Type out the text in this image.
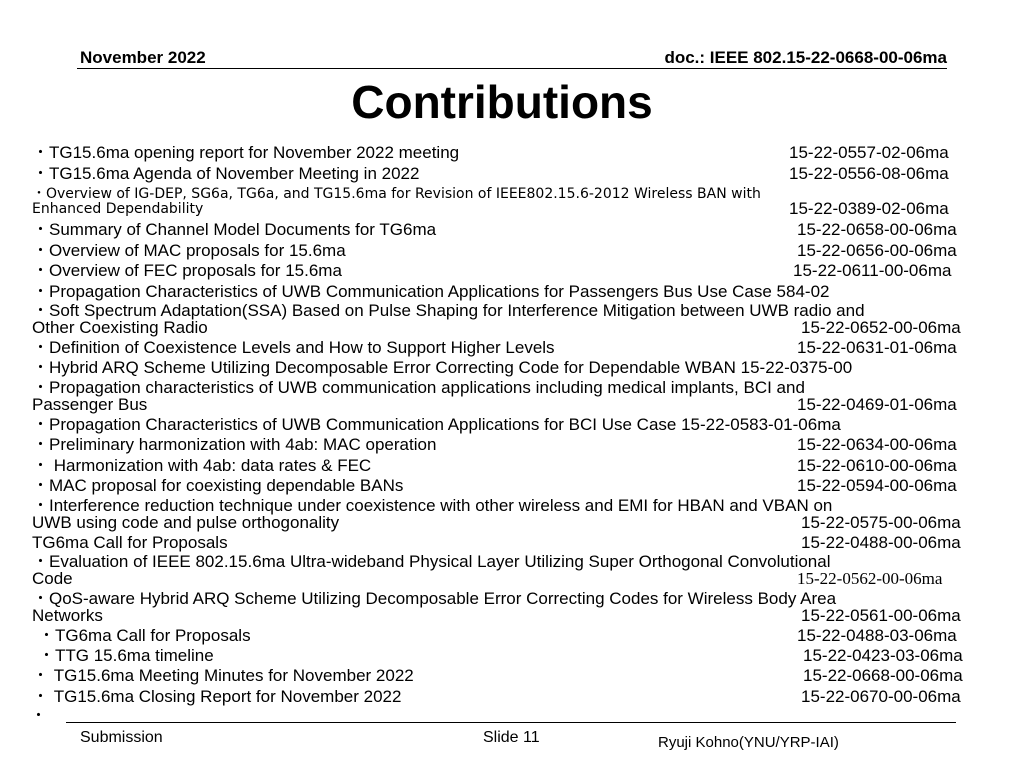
November 2022	doc.: IEEE 802.15-22-0668-00-06ma
Contributions
・TG15.6ma opening report for November 2022 meeting	15-22-0557-02-06ma
・TG15.6ma Agenda of November Meeting in 2022	15-22-0556-08-06ma
・Overview of IG-DEP, SG6a, TG6a, and TG15.6ma for Revision of IEEE802.15.6-2012 Wireless BAN with
Enhanced Dependability	15-22-0389-02-06ma
・Summary of Channel Model Documents for TG6ma	15-22-0658-00-06ma
・Overview of MAC proposals for 15.6ma	15-22-0656-00-06ma
・Overview of FEC proposals for 15.6ma	15-22-0611-00-06ma
・Propagation Characteristics of UWB Communication Applications for Passengers Bus Use Case 584-02
・Soft Spectrum Adaptation(SSA) Based on Pulse Shaping for Interference Mitigation between UWB radio and
Other Coexisting Radio	15-22-0652-00-06ma
・Definition of Coexistence Levels and How to Support Higher Levels	15-22-0631-01-06ma
・Hybrid ARQ Scheme Utilizing Decomposable Error Correcting Code for Dependable WBAN 15-22-0375-00
・Propagation characteristics of UWB communication applications including medical implants, BCI and
Passenger Bus	15-22-0469-01-06ma
・Propagation Characteristics of UWB Communication Applications for BCI Use Case 15-22-0583-01-06ma
・Preliminary harmonization with 4ab: MAC operation	15-22-0634-00-06ma
・ Harmonization with 4ab: data rates & FEC	15-22-0610-00-06ma
・MAC proposal for coexisting dependable BANs	15-22-0594-00-06ma
・Interference reduction technique under coexistence with other wireless and EMI for HBAN and VBAN on
UWB using code and pulse orthogonality	15-22-0575-00-06ma
TG6ma Call for Proposals	15-22-0488-00-06ma
・Evaluation of IEEE 802.15.6ma Ultra-wideband Physical Layer Utilizing Super Orthogonal Convolutional
Code	15-22-0562-00-06ma
・QoS-aware Hybrid ARQ Scheme Utilizing Decomposable Error Correcting Codes for Wireless Body Area
Networks	15-22-0561-00-06ma
・TG6ma Call for Proposals	15-22-0488-03-06ma
・TTG 15.6ma timeline	15-22-0423-03-06ma
・ TG15.6ma Meeting Minutes for November 2022	15-22-0668-00-06ma
・ TG15.6ma Closing Report for November 2022	15-22-0670-00-06ma
・
Submission	Slide 11	Ryuji Kohno(YNU/YRP-IAI)
